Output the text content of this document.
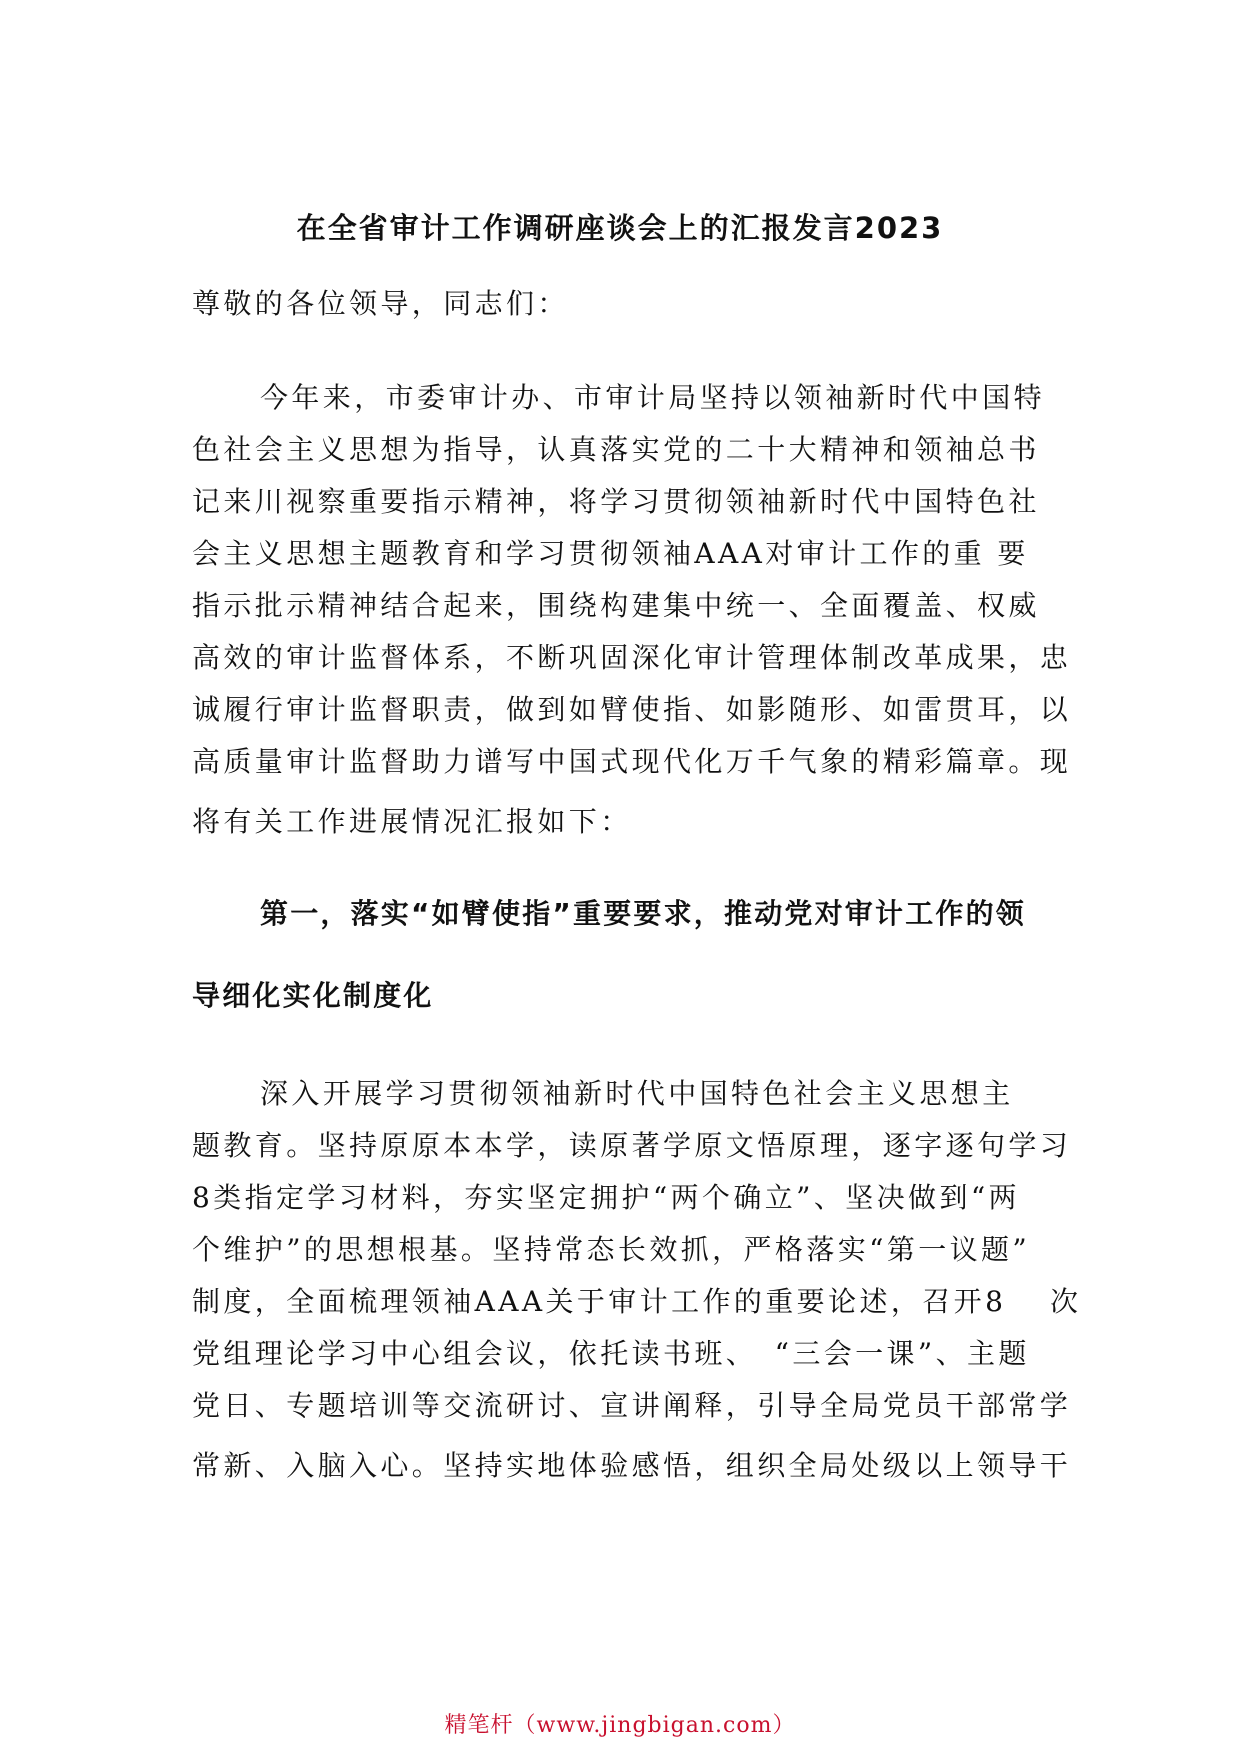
在全省审计工作调研座谈会上的汇报发言2023
尊敬的各位领导，同志们：
今年来，市委审计办、市审计局坚持以领袖新时代中国特
色社会主义思想为指导，认真落实党的二十大精神和领袖总书
记来川视察重要指示精神，将学习贯彻领袖新时代中国特色社
会主义思想主题教育和学习贯彻领袖AAA对审计工作的重 要
指示批示精神结合起来，围绕构建集中统一、全面覆盖、权威
高效的审计监督体系，不断巩固深化审计管理体制改革成果，忠
诚履行审计监督职责，做到如臂使指、如影随形、如雷贯耳，以
高质量审计监督助力谱写中国式现代化万千气象的精彩篇章。现
将有关工作进展情况汇报如下：
第一，落实“如臂使指”重要要求，推动党对审计工作的领
导细化实化制度化
深入开展学习贯彻领袖新时代中国特色社会主义思想主
题教育。坚持原原本本学，读原著学原文悟原理，逐字逐句学习
8类指定学习材料，夯实坚定拥护“两个确立”、坚决做到“两
个维护”的思想根基。坚持常态长效抓，严格落实“第一议题”
制度，全面梳理领袖AAA关于审计工作的重要论述，召开8　 次
党组理论学习中心组会议，依托读书班、　“三会一课”、主题
党日、专题培训等交流研讨、宣讲阐释，引导全局党员干部常学
常新、入脑入心。坚持实地体验感悟，组织全局处级以上领导干
精笔杆（www.jingbigan.com）
